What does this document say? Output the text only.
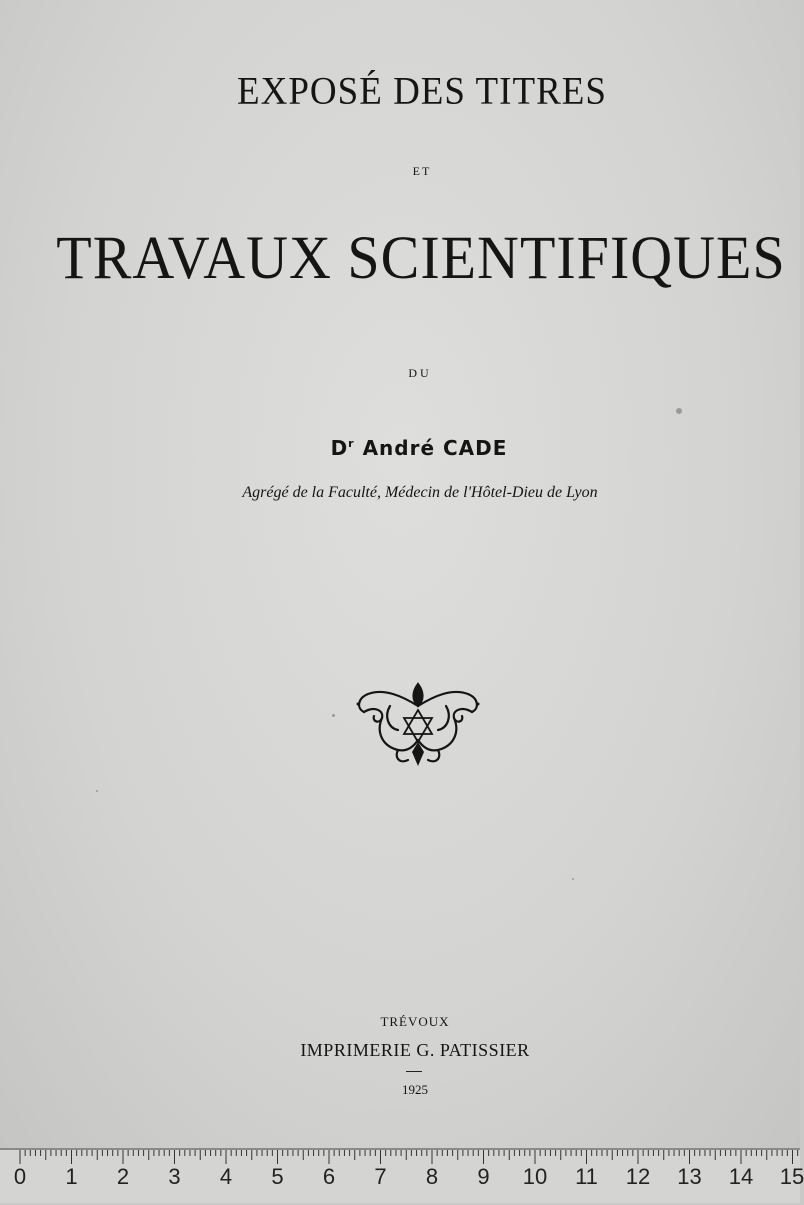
EXPOSÉ DES TITRES
ET
TRAVAUX SCIENTIFIQUES
DU
$D^r$ André CADE
Agrégé de la Faculté, Médecin de l'Hôtel-Dieu de Lyon
TRÉVOUX
IMPRIMERIE G. PATISSIER
1925
0 1 2 3 4 5 6 7 8 9 10 11 12 13 14 15
